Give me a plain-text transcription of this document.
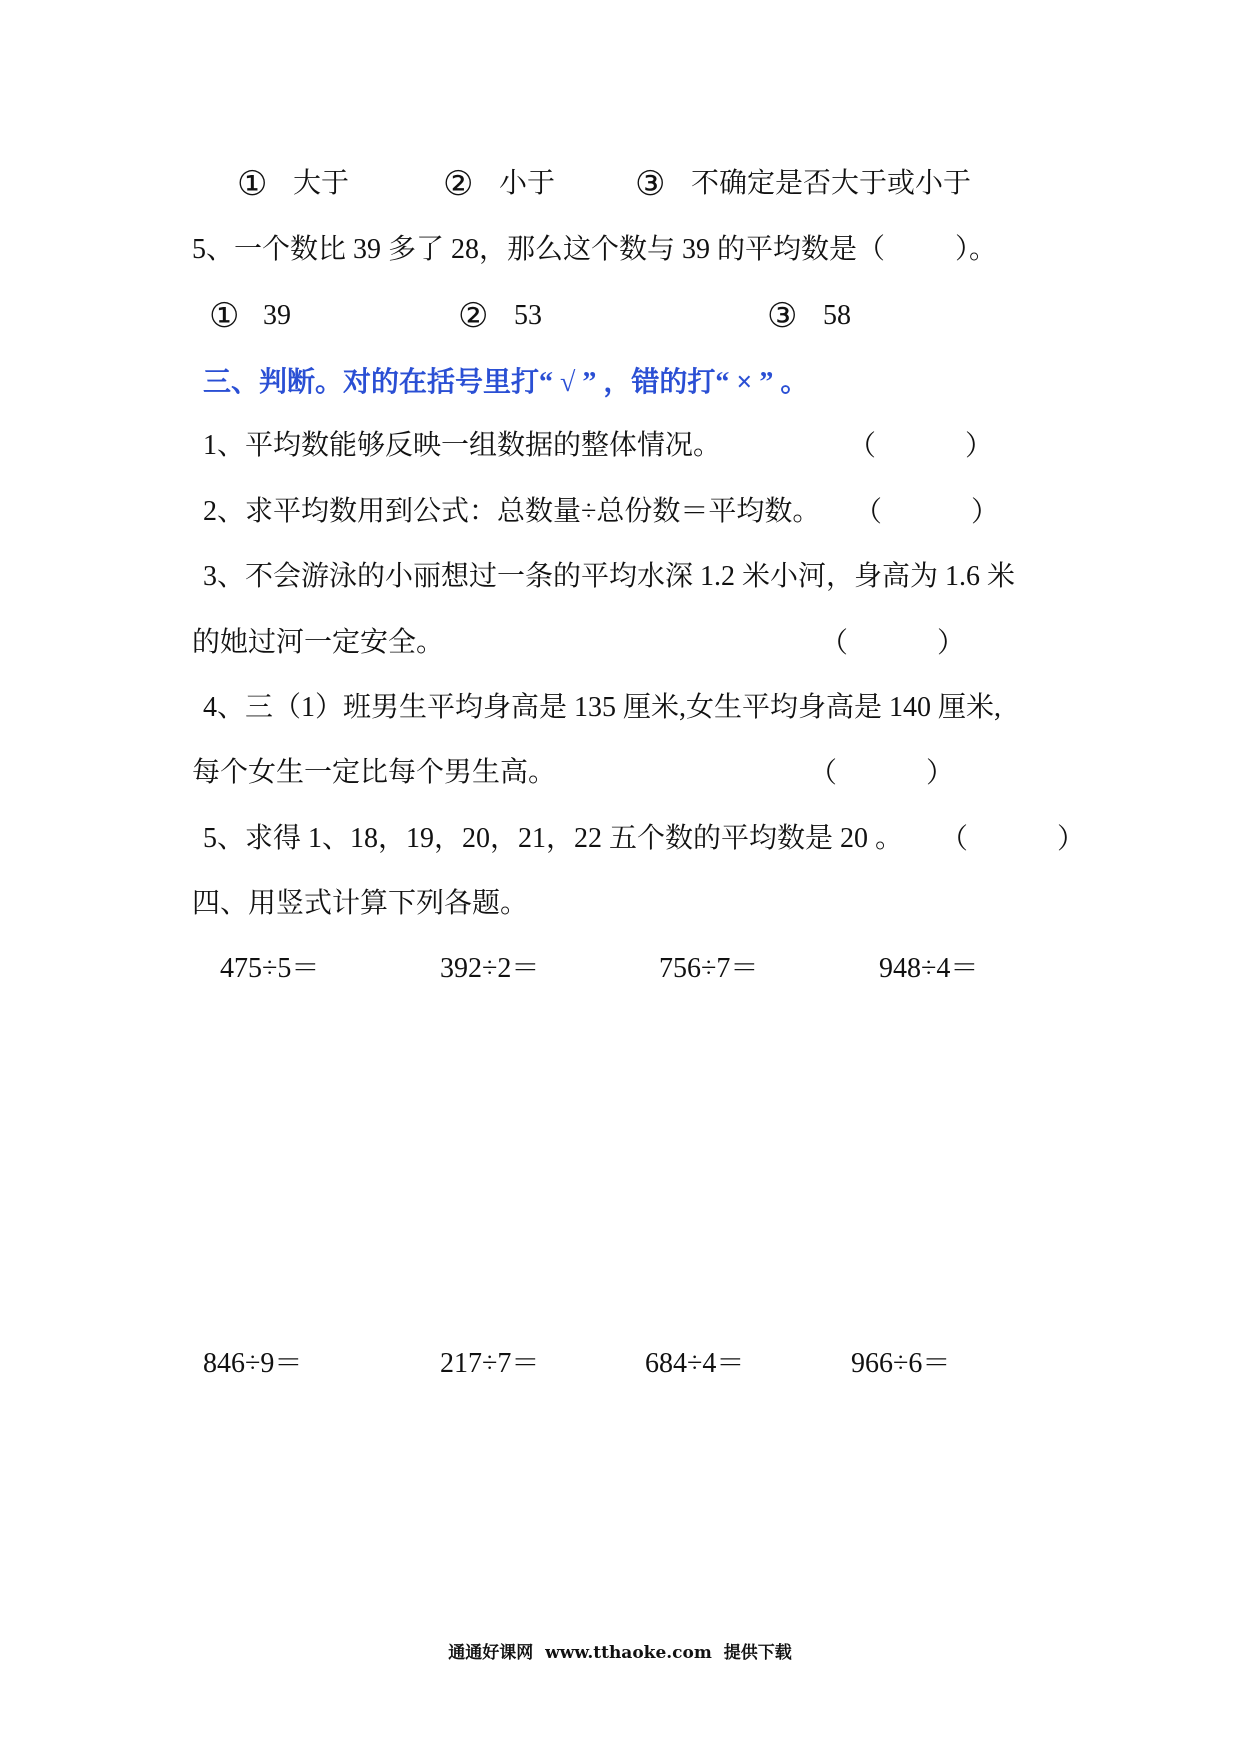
① 大于	② 小于 ③ 不确定是否大于或小于
5、一个数比 39 多了 28，那么这个数与 39 的平均数是（          ）。
① 39	② 53	③ 58
三、判断。对的在括号里打“ √ ” ，错的打“ × ” 。
1、平均数能够反映一组数据的整体情况。	（          ）
2、求平均数用到公式：总数量÷总份数＝平均数。 （          ）
3、不会游泳的小丽想过一条的平均水深 1.2 米小河，身高为 1.6 米
的她过河一定安全。	（          ）
4、三（1）班男生平均身高是 135 厘米,女生平均身高是 140 厘米,
每个女生一定比每个男生高。	（          ）
5、求得 1、18，19，20，21，22 五个数的平均数是 20 。 （          ）
四、用竖式计算下列各题。
475÷5＝	392÷2＝	756÷7＝	948÷4＝
846÷9＝	217÷7＝	684÷4＝	966÷6＝
通通好课网  www.tthaoke.com  提供下载
